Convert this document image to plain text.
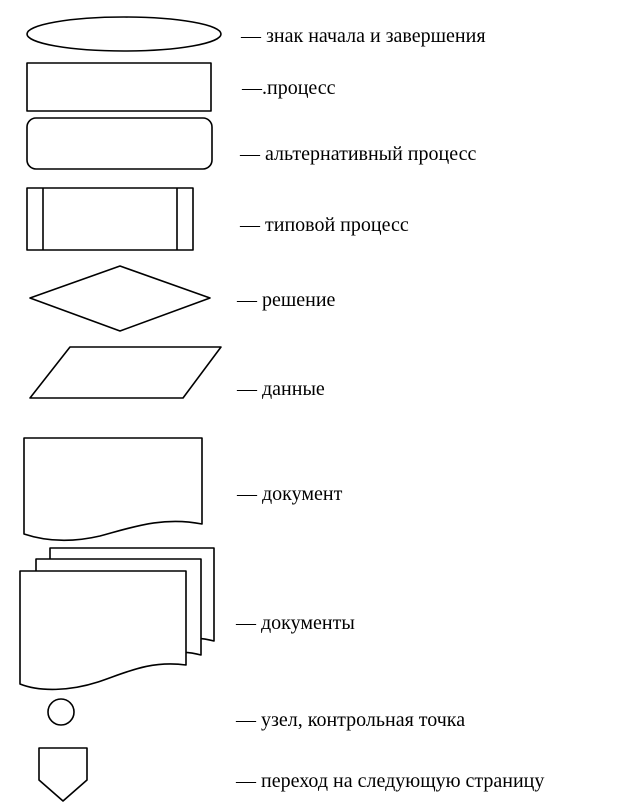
— знак начала и завершения
—.процесс
— альтернативный процесс
— типовой процесс
— решение
— данные
— документ
— документы
— узел, контрольная точка
— переход на следующую страницу
